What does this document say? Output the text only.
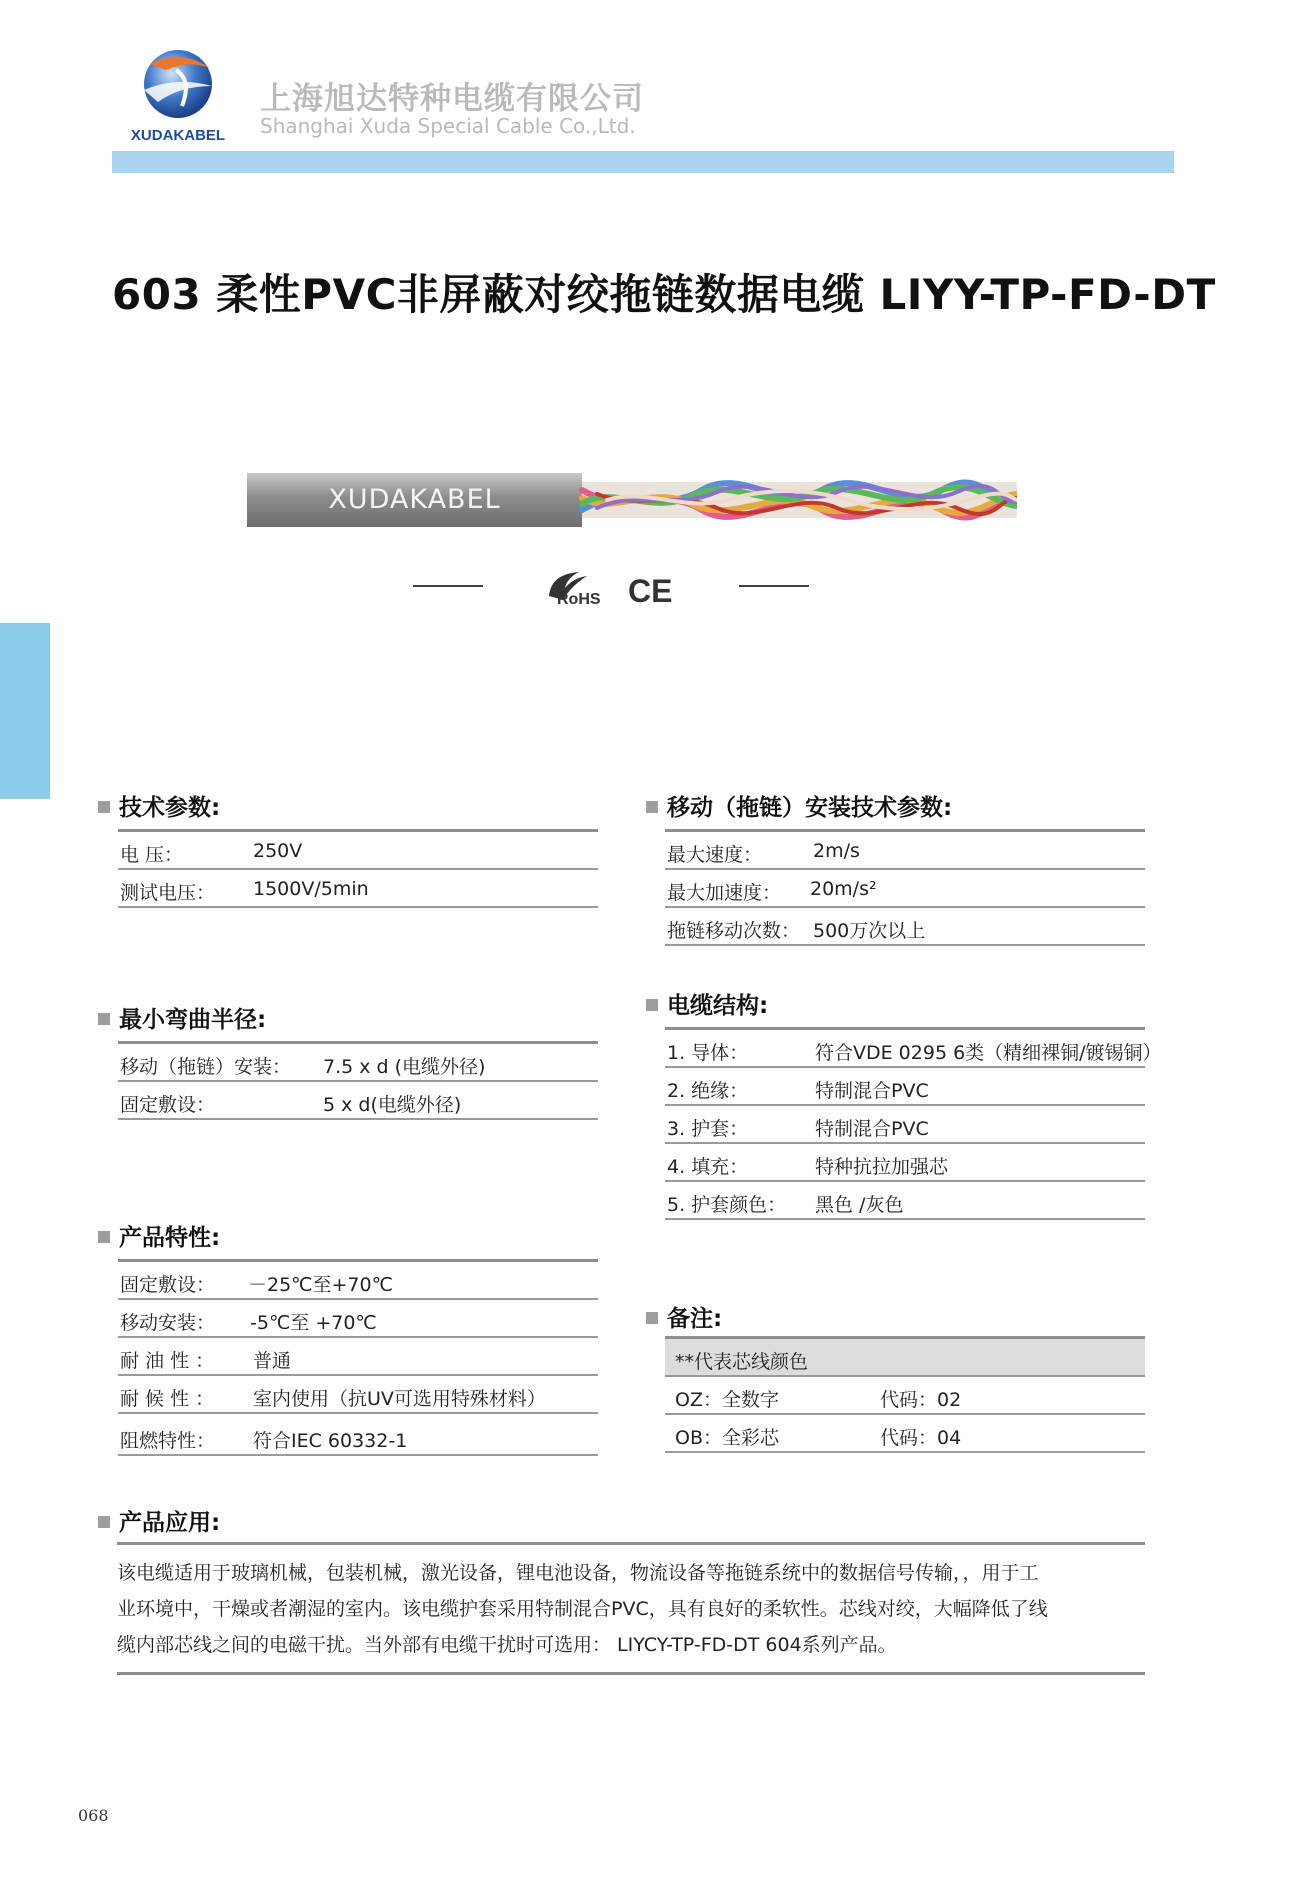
XUDAKABEL
上海旭达特种电缆有限公司
Shanghai Xuda Special Cable Co.,Ltd.
603 柔性PVC非屏蔽对绞拖链数据电缆 LIYY-TP-FD-DT
XUDAKABEL
RoHS CE
技术参数:
电 压：	250V
测试电压： 1500V/5min
移动（拖链）安装技术参数:
最大速度：	2m/s
最大加速度： 20m/s²
拖链移动次数： 500万次以上
最小弯曲半径:
移动（拖链）安装： 7.5 x d (电缆外径)
固定敷设：	5 x d(电缆外径)
电缆结构:
1. 导体：	符合VDE 0295 6类（精细裸铜/镀锡铜）
2. 绝缘：	特制混合PVC
3. 护套：	特制混合PVC
4. 填充：	特种抗拉加强芯
5. 护套颜色： 黑色 /灰色
产品特性:
固定敷设： －25℃至+70℃
移动安装： -5℃至 +70℃
耐 油 性 ： 普通
耐 候 性 ： 室内使用（抗UV可选用特殊材料）
阻燃特性： 符合IEC 60332-1
备注:
**代表芯线颜色
OZ：全数字	代码：02
OB：全彩芯	代码：04
产品应用:
该电缆适用于玻璃机械，包装机械，激光设备，锂电池设备，物流设备等拖链系统中的数据信号传输，，用于工
业环境中，干燥或者潮湿的室内。该电缆护套采用特制混合PVC，具有良好的柔软性。芯线对绞，大幅降低了线
缆内部芯线之间的电磁干扰。当外部有电缆干扰时可选用： LIYCY-TP-FD-DT 604系列产品。
068
